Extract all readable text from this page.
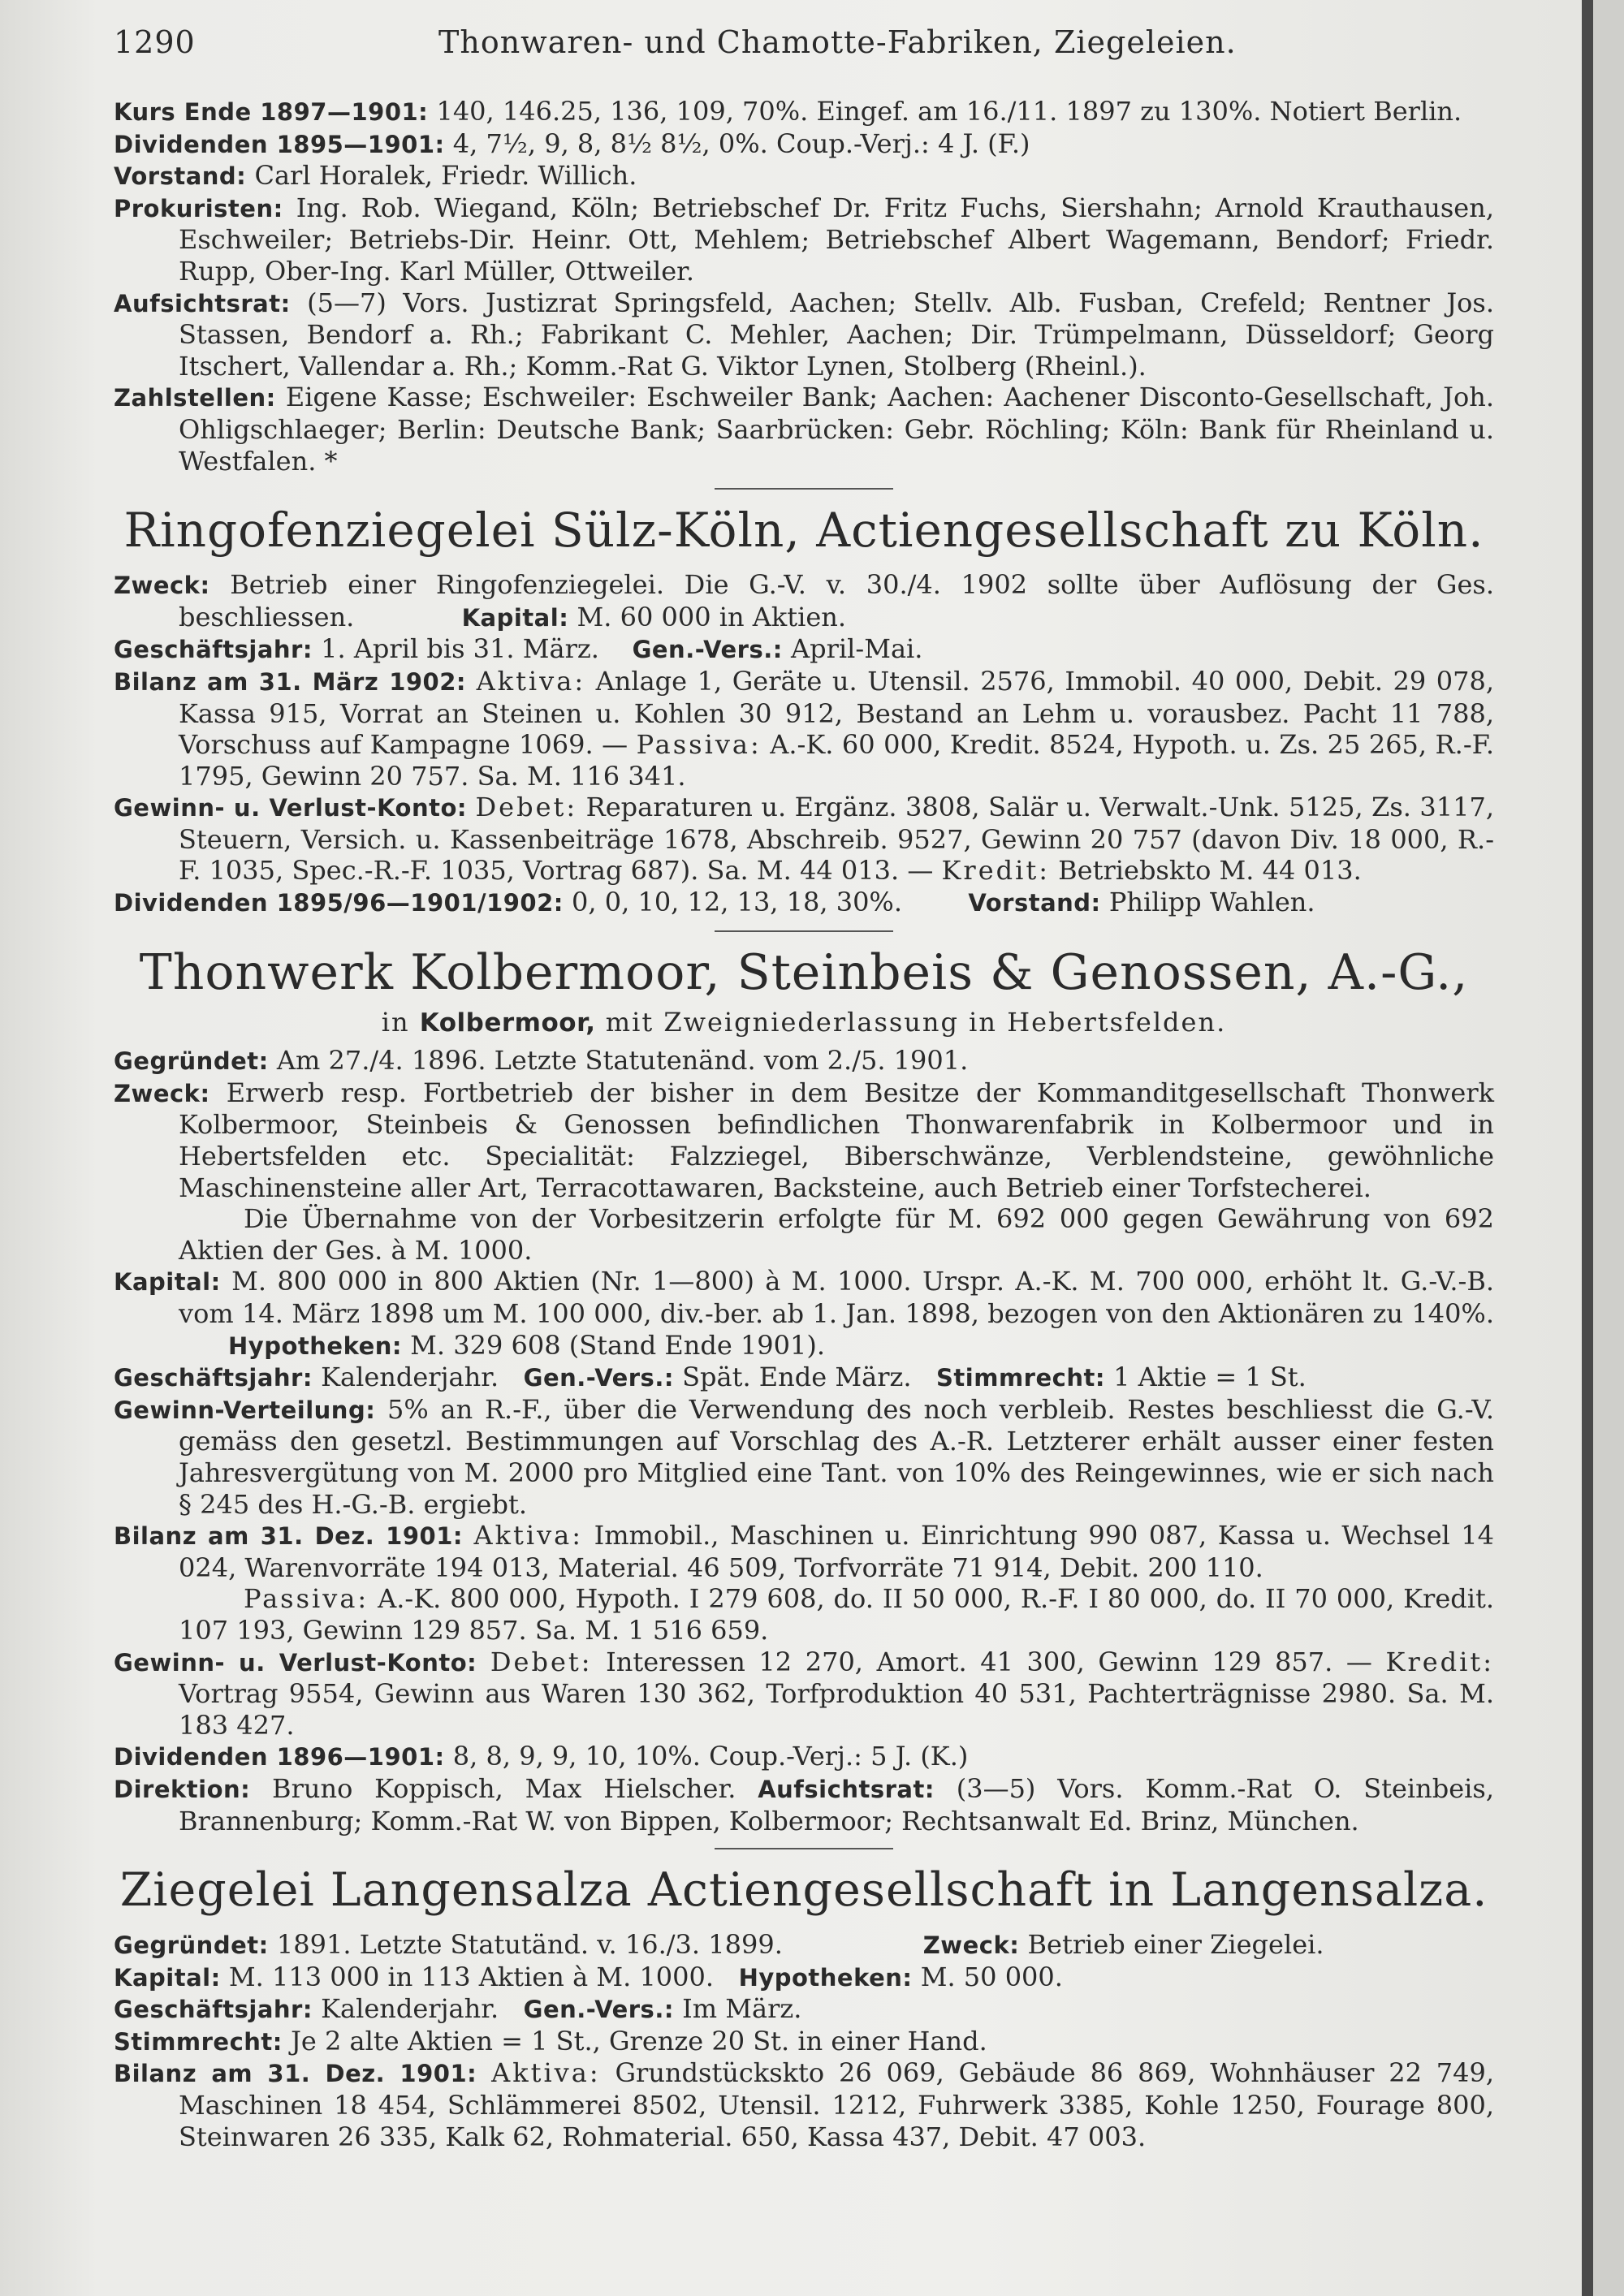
1290	Thonwaren- und Chamotte-Fabriken, Ziegeleien.

Kurs Ende 1897—1901: 140, 146.25, 136, 109, 70%. Eingef. am 16./11. 1897 zu 130%. Notiert Berlin.

Dividenden 1895—1901: 4, 7½, 9, 8, 8½ 8½, 0%. Coup.-Verj.: 4 J. (F.)

Vorstand: Carl Horalek, Friedr. Willich.

Prokuristen: Ing. Rob. Wiegand, Köln; Betriebschef Dr. Fritz Fuchs, Siershahn; Arnold Krauthausen, Eschweiler; Betriebs-Dir. Heinr. Ott, Mehlem; Betriebschef Albert Wagemann, Bendorf; Friedr. Rupp, Ober-Ing. Karl Müller, Ottweiler.

Aufsichtsrat: (5—7) Vors. Justizrat Springsfeld, Aachen; Stellv. Alb. Fusban, Crefeld; Rentner Jos. Stassen, Bendorf a. Rh.; Fabrikant C. Mehler, Aachen; Dir. Trümpelmann, Düsseldorf; Georg Itschert, Vallendar a. Rh.; Komm.-Rat G. Viktor Lynen, Stolberg (Rheinl.).

Zahlstellen: Eigene Kasse; Eschweiler: Eschweiler Bank; Aachen: Aachener Disconto-Gesellschaft, Joh. Ohligschlaeger; Berlin: Deutsche Bank; Saarbrücken: Gebr. Röchling; Köln: Bank für Rheinland u. Westfalen. *

Ringofenziegelei Sülz-Köln, Actiengesellschaft zu Köln.

Zweck: Betrieb einer Ringofenziegelei. Die G.-V. v. 30./4. 1902 sollte über Auflösung der Ges. beschliessen.	Kapital: M. 60 000 in Aktien.

Geschäftsjahr: 1. April bis 31. März. Gen.-Vers.: April-Mai.

Bilanz am 31. März 1902: Aktiva: Anlage 1, Geräte u. Utensil. 2576, Immobil. 40 000, Debit. 29 078, Kassa 915, Vorrat an Steinen u. Kohlen 30 912, Bestand an Lehm u. vorausbez. Pacht 11 788, Vorschuss auf Kampagne 1069. — Passiva: A.-K. 60 000, Kredit. 8524, Hypoth. u. Zs. 25 265, R.-F. 1795, Gewinn 20 757. Sa. M. 116 341.

Gewinn- u. Verlust-Konto: Debet: Reparaturen u. Ergänz. 3808, Salär u. Verwalt.-Unk. 5125, Zs. 3117, Steuern, Versich. u. Kassenbeiträge 1678, Abschreib. 9527, Gewinn 20 757 (davon Div. 18 000, R.-F. 1035, Spec.-R.-F. 1035, Vortrag 687). Sa. M. 44 013. — Kredit: Betriebskto M. 44 013.

Dividenden 1895/96—1901/1902: 0, 0, 10, 12, 13, 18, 30%.	Vorstand: Philipp Wahlen.

Thonwerk Kolbermoor, Steinbeis & Genossen, A.-G.,
in Kolbermoor, mit Zweigniederlassung in Hebertsfelden.

Gegründet: Am 27./4. 1896. Letzte Statutenänd. vom 2./5. 1901.

Zweck: Erwerb resp. Fortbetrieb der bisher in dem Besitze der Kommanditgesellschaft Thonwerk Kolbermoor, Steinbeis & Genossen befindlichen Thonwarenfabrik in Kolbermoor und in Hebertsfelden etc. Specialität: Falzziegel, Biberschwänze, Verblendsteine, gewöhnliche Maschinensteine aller Art, Terracottawaren, Backsteine, auch Betrieb einer Torfstecherei.

Die Übernahme von der Vorbesitzerin erfolgte für M. 692 000 gegen Gewährung von 692 Aktien der Ges. à M. 1000.

Kapital: M. 800 000 in 800 Aktien (Nr. 1—800) à M. 1000. Urspr. A.-K. M. 700 000, erhöht lt. G.-V.-B. vom 14. März 1898 um M. 100 000, div.-ber. ab 1. Jan. 1898, bezogen von den Aktionären zu 140%.       Hypotheken: M. 329 608 (Stand Ende 1901).

Geschäftsjahr: Kalenderjahr. Gen.-Vers.: Spät. Ende März. Stimmrecht: 1 Aktie = 1 St.

Gewinn-Verteilung: 5% an R.-F., über die Verwendung des noch verbleib. Restes beschliesst die G.-V. gemäss den gesetzl. Bestimmungen auf Vorschlag des A.-R. Letzterer erhält ausser einer festen Jahresvergütung von M. 2000 pro Mitglied eine Tant. von 10% des Reingewinnes, wie er sich nach § 245 des H.-G.-B. ergiebt.

Bilanz am 31. Dez. 1901: Aktiva: Immobil., Maschinen u. Einrichtung 990 087, Kassa u. Wechsel 14 024, Warenvorräte 194 013, Material. 46 509, Torfvorräte 71 914, Debit. 200 110.

Passiva: A.-K. 800 000, Hypoth. I 279 608, do. II 50 000, R.-F. I 80 000, do. II 70 000, Kredit. 107 193, Gewinn 129 857. Sa. M. 1 516 659.

Gewinn- u. Verlust-Konto: Debet: Interessen 12 270, Amort. 41 300, Gewinn 129 857. — Kredit: Vortrag 9554, Gewinn aus Waren 130 362, Torfproduktion 40 531, Pachterträgnisse 2980. Sa. M. 183 427.

Dividenden 1896—1901: 8, 8, 9, 9, 10, 10%. Coup.-Verj.: 5 J. (K.)

Direktion: Bruno Koppisch, Max Hielscher. Aufsichtsrat: (3—5) Vors. Komm.-Rat O. Steinbeis, Brannenburg; Komm.-Rat W. von Bippen, Kolbermoor; Rechtsanwalt Ed. Brinz, München.

Ziegelei Langensalza Actiengesellschaft in Langensalza.

Gegründet: 1891. Letzte Statutänd. v. 16./3. 1899.	Zweck: Betrieb einer Ziegelei.

Kapital: M. 113 000 in 113 Aktien à M. 1000. Hypotheken: M. 50 000.

Geschäftsjahr: Kalenderjahr. Gen.-Vers.: Im März.

Stimmrecht: Je 2 alte Aktien = 1 St., Grenze 20 St. in einer Hand.

Bilanz am 31. Dez. 1901: Aktiva: Grundstückskto 26 069, Gebäude 86 869, Wohnhäuser 22 749, Maschinen 18 454, Schlämmerei 8502, Utensil. 1212, Fuhrwerk 3385, Kohle 1250, Fourage 800, Steinwaren 26 335, Kalk 62, Rohmaterial. 650, Kassa 437, Debit. 47 003.
